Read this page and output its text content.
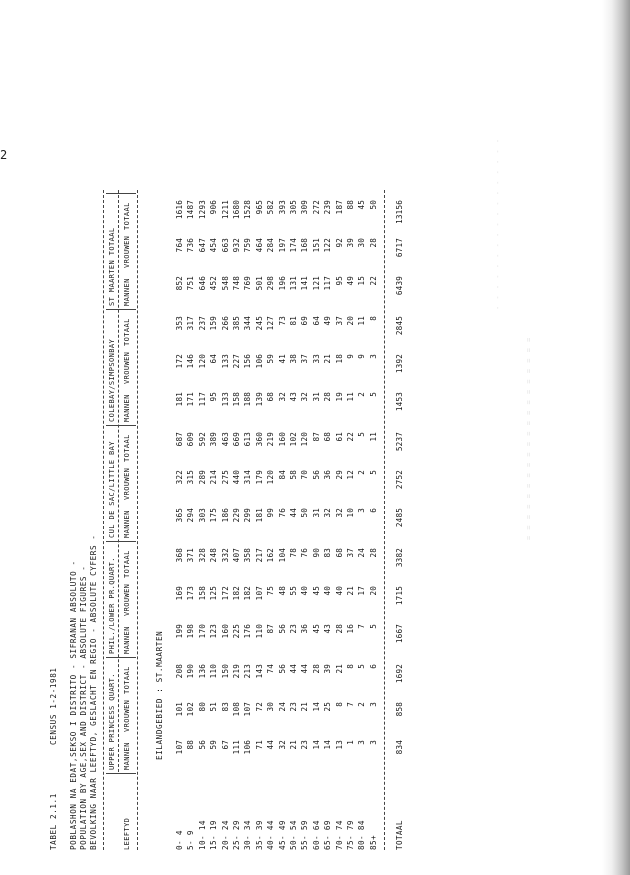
2
= = = = = = = = = = = = = = = = = = = =
- - - - - - - - - - - - - - - - -
TABEL 2.1.1
CENSUS 1-2-1981 POBLASHON NA EDAT,SEKSO I DISTRITO - SIFRANAN ABSOLUTO - POPULATION BY AGE,SEX AND DISTRICT - ABSOLUTE FIGURES - BEVOLKING NAAR LEEFTYD, GESLACHT EN REGIO - ABSOLUTE CYFERS -	LEEFTYD
EILANDGEBIED : ST.MAARTEN
TOTAAL
UPPER PRINCESS QUART. MANNEN
VROUWEN
TOTAAL
PHIL./LOWER PR.QUART. MANNEN
VROUWEN
TOTAAL
CUL DE SAC/LITTLE BAY MANNEN
VROUWEN
TOTAAL
COLEBAY/SIMPSONBAY MANNEN
VROUWEN
TOTAAL
ST MAARTEN TOTAAL MANNEN
VROUWEN
TOTAAL
0- 4
107
101
208
199
169
368
365
322
687
181
172
353
852
764
1616
5- 9
88
102
190
198
173
371
294
315
609
171
146
317
751
736
1487
10- 14
56
80
136
170
158
328
303
289
592
117
120
237
646
647
1293
15- 19
59
51
110
123
125
248
175
214
389
95
64
159
452
454
906
20- 24
67
83
150
160
172
332
186
275
463
133
133
266
548
663
1211
25- 29
111
108
219
225
182
407
229
440
669
158
227
385
748
932
1680
30- 34
106
107
213
176
182
358
299
314
613
188
156
344
769
759
1528
35- 39
71
72
143
110
107
217
181
179
360
139
106
245
501
464
965
40- 44
44
30
74
87
75
162
99
120
219
68
59
127
298
284
582
45- 49
32
24
56
56
48
104
76
84
160
32
41
73
196
197
393
50- 54
21
23
44
23
55
78
44
58
102
43
38
81
131
174
305
55- 59
23
21
44
36
40
76
50
70
120
32
37
69
141
168
309
60- 64
14
14
28
45
45
90
31
56
87
31
33
64
121
151
272
65- 69
14
25
39
43
40
83
32
36
68
28
21
49
117
122
239
70- 74
13
8
21
28
40
68
32
29
61
19
18
37
95
92
187
75- 79
1
7
8
16
21
37
10
12
22
11
9
20
49
39
88
80- 84
3
2
5
7
17
24
3
2
5
2
9
11
15
30
45
85+
3
3
6
5
20
28
6
5
11
5
3
8
22
28
50
834
858
1692
1667
1715
3382
2485
2752
5237
1453
1392
2845
6439
6717
13156
